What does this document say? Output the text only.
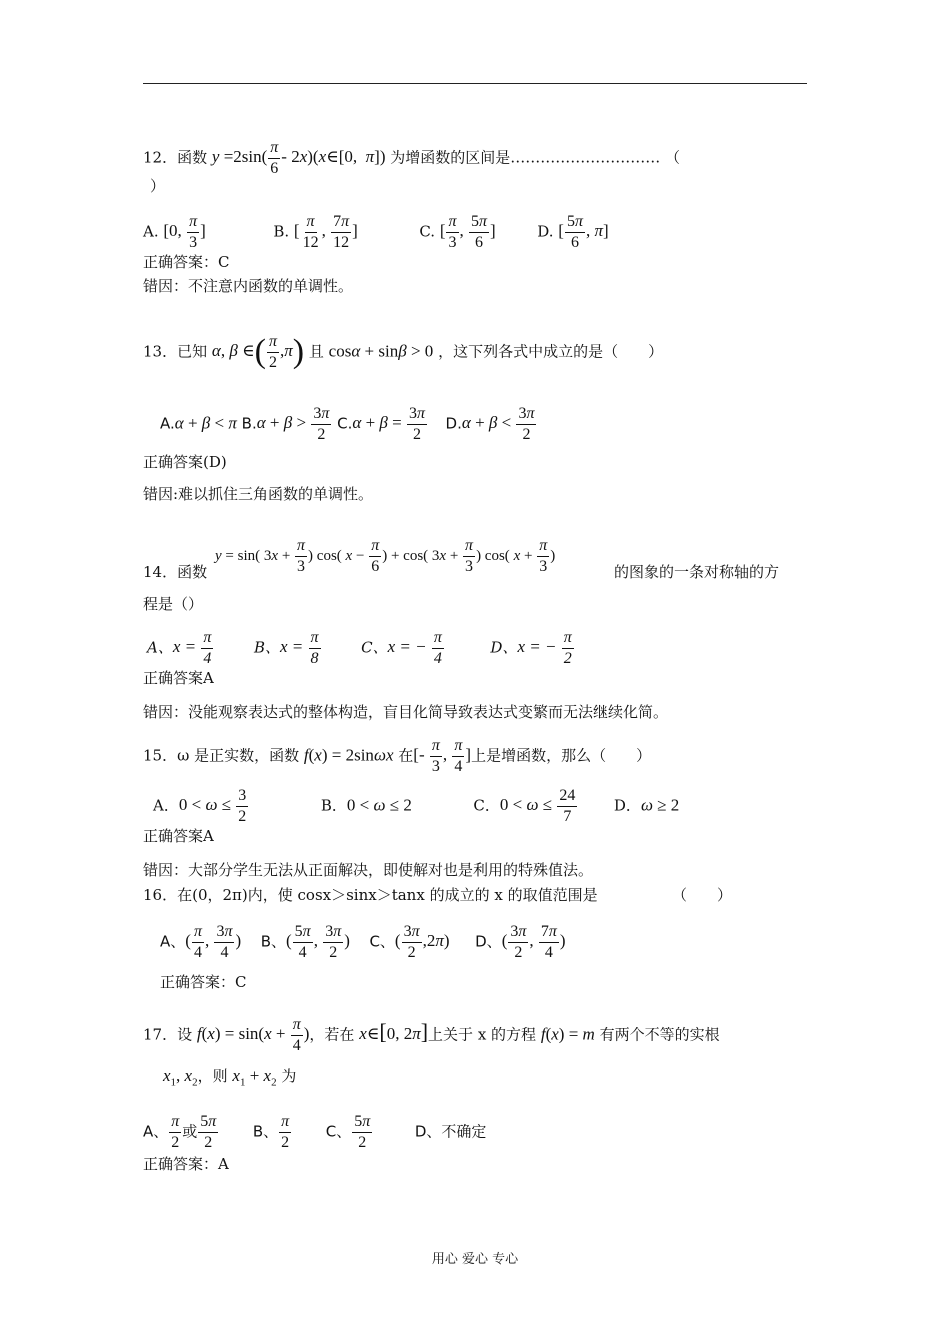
12．函数 $y =2\sin( \frac{\pi}{6}$ - 2x)(x∈[0,  π]) 为增函数的区间是………………………… （
）
A. [0, $\frac{\pi}{3}$ ]	B. [ $\frac{\pi}{12}$ , $\frac{7\pi}{12}$ ]	C. [ $\frac{\pi}{3}$ , $\frac{5\pi}{6}$ ]	D. [ $\frac{5\pi}{6}$ , π]
正确答案：C
错因：不注意内函数的单调性。
13．已知 α, β ∈( $\frac{\pi}{2} ,\pi$) 且 cosα + sinβ > 0 ，这下列各式中成立的是（　　）
A.α + β < π $B.\alpha + \beta > \frac{3\pi}{2} C.\alpha + \beta = \frac{3\pi}{2} D.\alpha + \beta < \frac{3\pi}{2}$
正确答案(D)
错因:难以抓住三角函数的单调性。
y = sin( $3x + \frac{\pi}{3}$ ) cos( $x - \frac{\pi}{6}$ ) + cos( $3x + \frac{\pi}{3}$ ) cos( $x + \frac{\pi}{3}$ )
14．函数	的图象的一条对称轴的方
程是（）
A、$x = \frac{\pi}{4}$	B、$x = \frac{\pi}{8}$	C、x = − $\frac{\pi}{4}$	D、x = − $\frac{\pi}{2}$
正确答案A
错因：没能观察表达式的整体构造，盲目化简导致表达式变繁而无法继续化简。
15．ω 是正实数，函数 f(x) = 2sinωx 在[- $\frac{\pi}{3}$ , $\frac{\pi}{4}$ ]上是增函数，那么（　　）
A．$0 < \omega \le \frac{3}{2}$	B．0 < ω ≤ 2	C．$0 < \omega \le \frac{24}{7}$ D．ω ≥ 2
正确答案A
错因：大部分学生无法从正面解决，即使解对也是利用的特殊值法。
16．在(0，2π)内，使 cosx＞sinx＞tanx 的成立的 x 的取值范围是	（　　）
A、( $\frac{\pi}{4}$ , $\frac{3\pi}{4}$ ) B、( $\frac{5\pi}{4}$ , $\frac{3\pi}{2}$ ) C、( $\frac{3\pi}{2} ,2\pi$) D、( $\frac{3\pi}{2}$ , $\frac{7\pi}{4}$ )
正确答案：C
17．设 $f(x) = \sin(x + \frac{\pi}{4}$ )，若在 x∈[0, 2π]上关于 x 的方程 f(x) = m 有两个不等的实根
$x_1$, $x_2$，则 $x_1 + x_2$ 为
A、 $\frac{\pi}{2}$ 或 $\frac{5\pi}{2}$ B、 $\frac{\pi}{2}$ C、 $\frac{5\pi}{2}$	D、不确定
正确答案：A
用心 爱心 专心
